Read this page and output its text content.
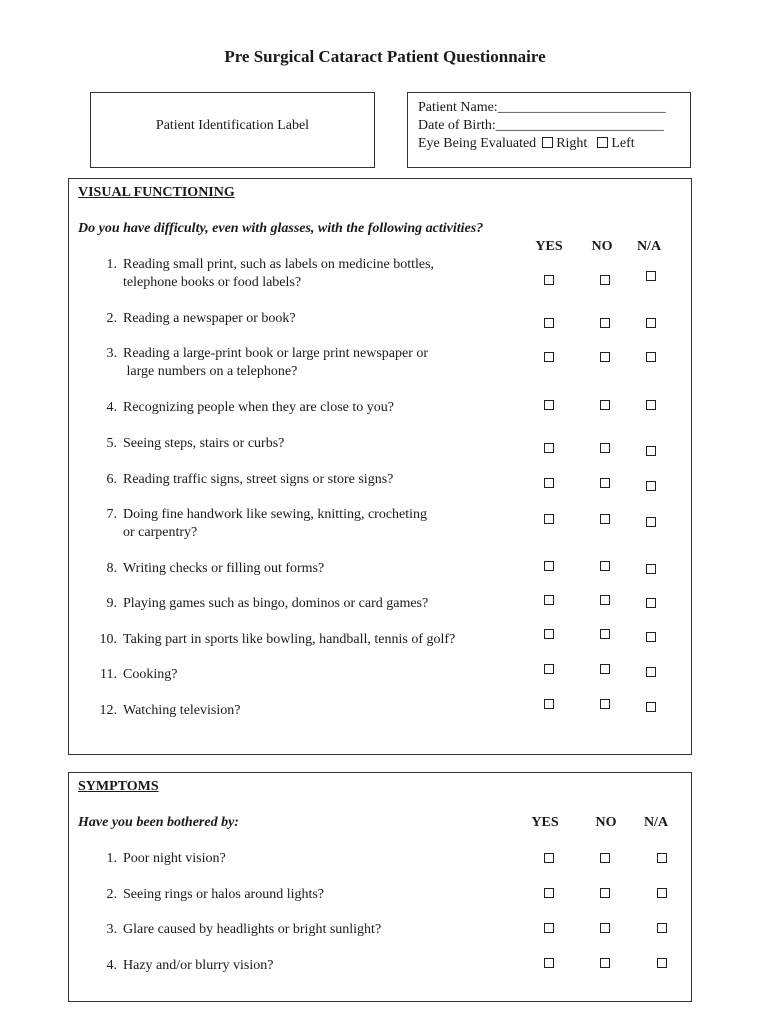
Pre Surgical Cataract Patient Questionnaire
Patient Identification Label
Patient Name:________________________
Date of Birth:________________________
Eye Being Evaluated Right Left
VISUAL FUNCTIONING
Do you have difficulty, even with glasses, with the following activities?
YES	NO	N/A
1. Reading small print, such as labels on medicine bottles,
telephone books or food labels?
2. Reading a newspaper or book?
3. Reading a large-print book or large print newspaper or
large numbers on a telephone?
4. Recognizing people when they are close to you?
5. Seeing steps, stairs or curbs?
6. Reading traffic signs, street signs or store signs?
7. Doing fine handwork like sewing, knitting, crocheting
or carpentry?
8. Writing checks or filling out forms?
9. Playing games such as bingo, dominos or card games?
10. Taking part in sports like bowling, handball, tennis of golf?
11. Cooking?
12. Watching television?
SYMPTOMS
Have you been bothered by:	YES	NO	N/A
1. Poor night vision?
2. Seeing rings or halos around lights?
3. Glare caused by headlights or bright sunlight?
4. Hazy and/or blurry vision?
